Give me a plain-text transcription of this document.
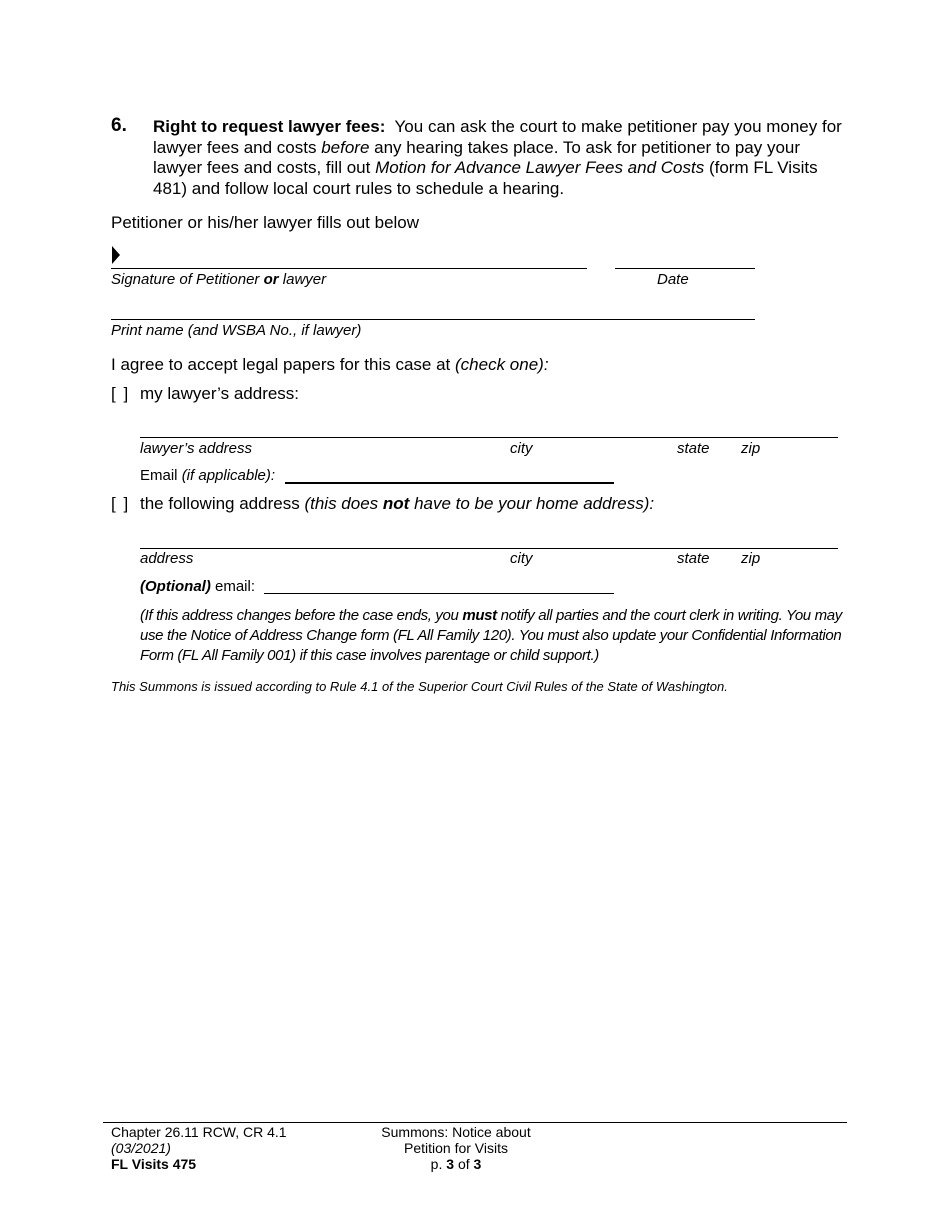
6. Right to request lawyer fees: You can ask the court to make petitioner pay you money for lawyer fees and costs before any hearing takes place. To ask for petitioner to pay your lawyer fees and costs, fill out Motion for Advance Lawyer Fees and Costs (form FL Visits 481) and follow local court rules to schedule a hearing.
Petitioner or his/her lawyer fills out below
Signature of Petitioner or lawyer	Date
Print name (and WSBA No., if lawyer)
I agree to accept legal papers for this case at (check one):
[ ] my lawyer’s address:
lawyer’s address	city	state zip
Email (if applicable):
[ ] the following address (this does not have to be your home address):
address	city	state zip
(Optional) email:
(If this address changes before the case ends, you must notify all parties and the court clerk in writing. You may use the Notice of Address Change form (FL All Family 120). You must also update your Confidential Information Form (FL All Family 001) if this case involves parentage or child support.)
This Summons is issued according to Rule 4.1 of the Superior Court Civil Rules of the State of Washington.
Chapter 26.11 RCW, CR 4.1
(03/2021)
FL Visits 475
Summons: Notice about
Petition for Visits
p. 3 of 3
